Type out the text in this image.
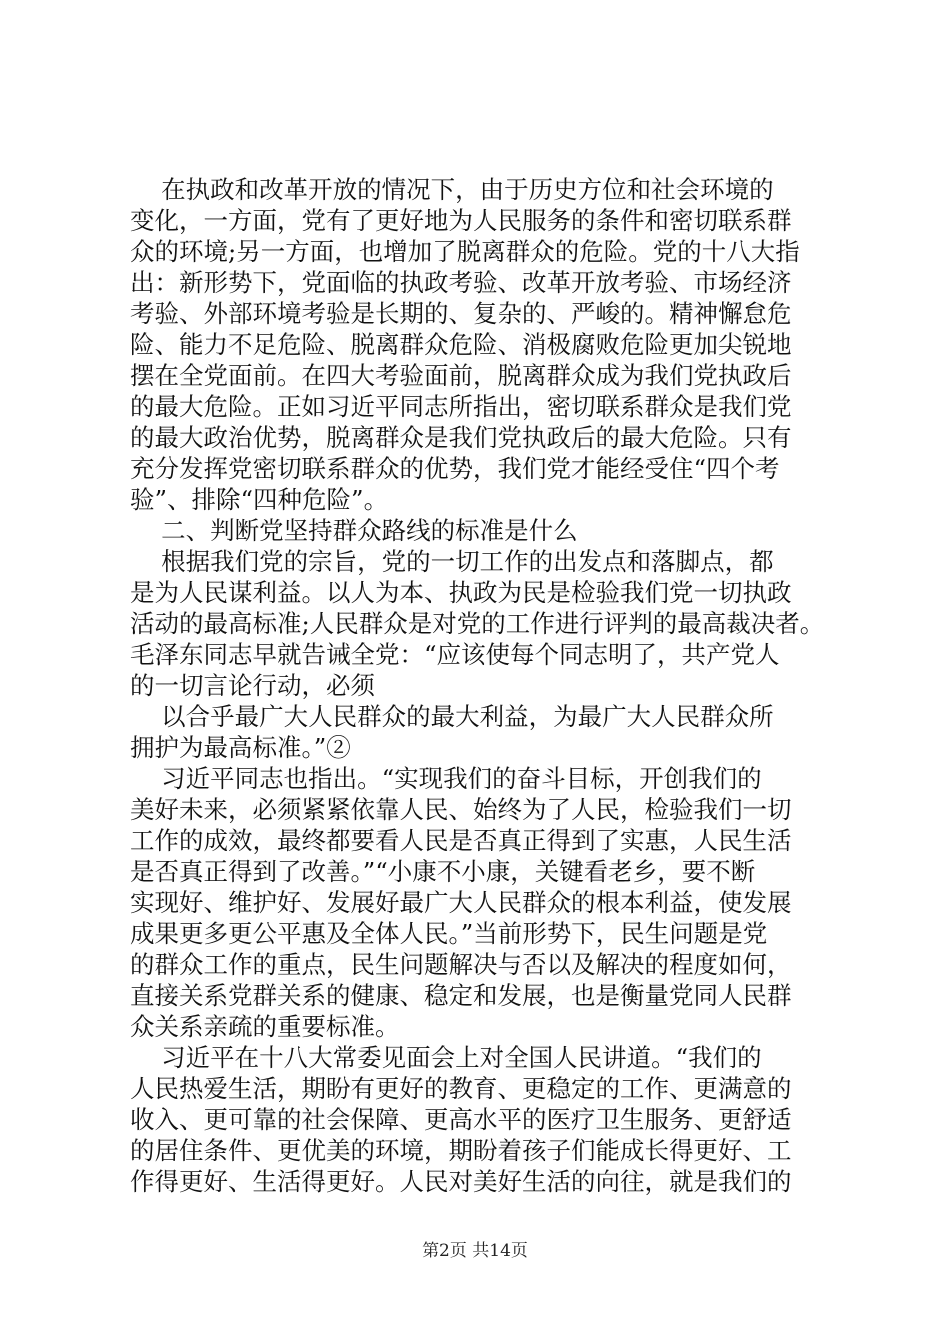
在执政和改革开放的情况下，由于历史方位和社会环境的
变化，一方面，党有了更好地为人民服务的条件和密切联系群
众的环境;另一方面，也增加了脱离群众的危险。党的十八大指
出：新形势下，党面临的执政考验、改革开放考验、市场经济
考验、外部环境考验是长期的、复杂的、严峻的。精神懈怠危
险、能力不足危险、脱离群众危险、消极腐败危险更加尖锐地
摆在全党面前。在四大考验面前，脱离群众成为我们党执政后
的最大危险。正如习近平同志所指出，密切联系群众是我们党
的最大政治优势，脱离群众是我们党执政后的最大危险。只有
充分发挥党密切联系群众的优势，我们党才能经受住“四个考
验”、排除“四种危险”。

二、判断党坚持群众路线的标准是什么

根据我们党的宗旨，党的一切工作的出发点和落脚点，都
是为人民谋利益。以人为本、执政为民是检验我们党一切执政
活动的最高标准;人民群众是对党的工作进行评判的最高裁决者。
毛泽东同志早就告诫全党：“应该使每个同志明了，共产党人
的一切言论行动，必须

以合乎最广大人民群众的最大利益，为最广大人民群众所
拥护为最高标准。”②

习近平同志也指出。“实现我们的奋斗目标，开创我们的
美好未来，必须紧紧依靠人民、始终为了人民，检验我们一切
工作的成效，最终都要看人民是否真正得到了实惠，人民生活
是否真正得到了改善。”“小康不小康，关键看老乡，要不断
实现好、维护好、发展好最广大人民群众的根本利益，使发展
成果更多更公平惠及全体人民。”当前形势下，民生问题是党
的群众工作的重点，民生问题解决与否以及解决的程度如何，
直接关系党群关系的健康、稳定和发展，也是衡量党同人民群
众关系亲疏的重要标准。

习近平在十八大常委见面会上对全国人民讲道。“我们的
人民热爱生活，期盼有更好的教育、更稳定的工作、更满意的
收入、更可靠的社会保障、更高水平的医疗卫生服务、更舒适
的居住条件、更优美的环境，期盼着孩子们能成长得更好、工
作得更好、生活得更好。人民对美好生活的向往，就是我们的

第2页 共14页
